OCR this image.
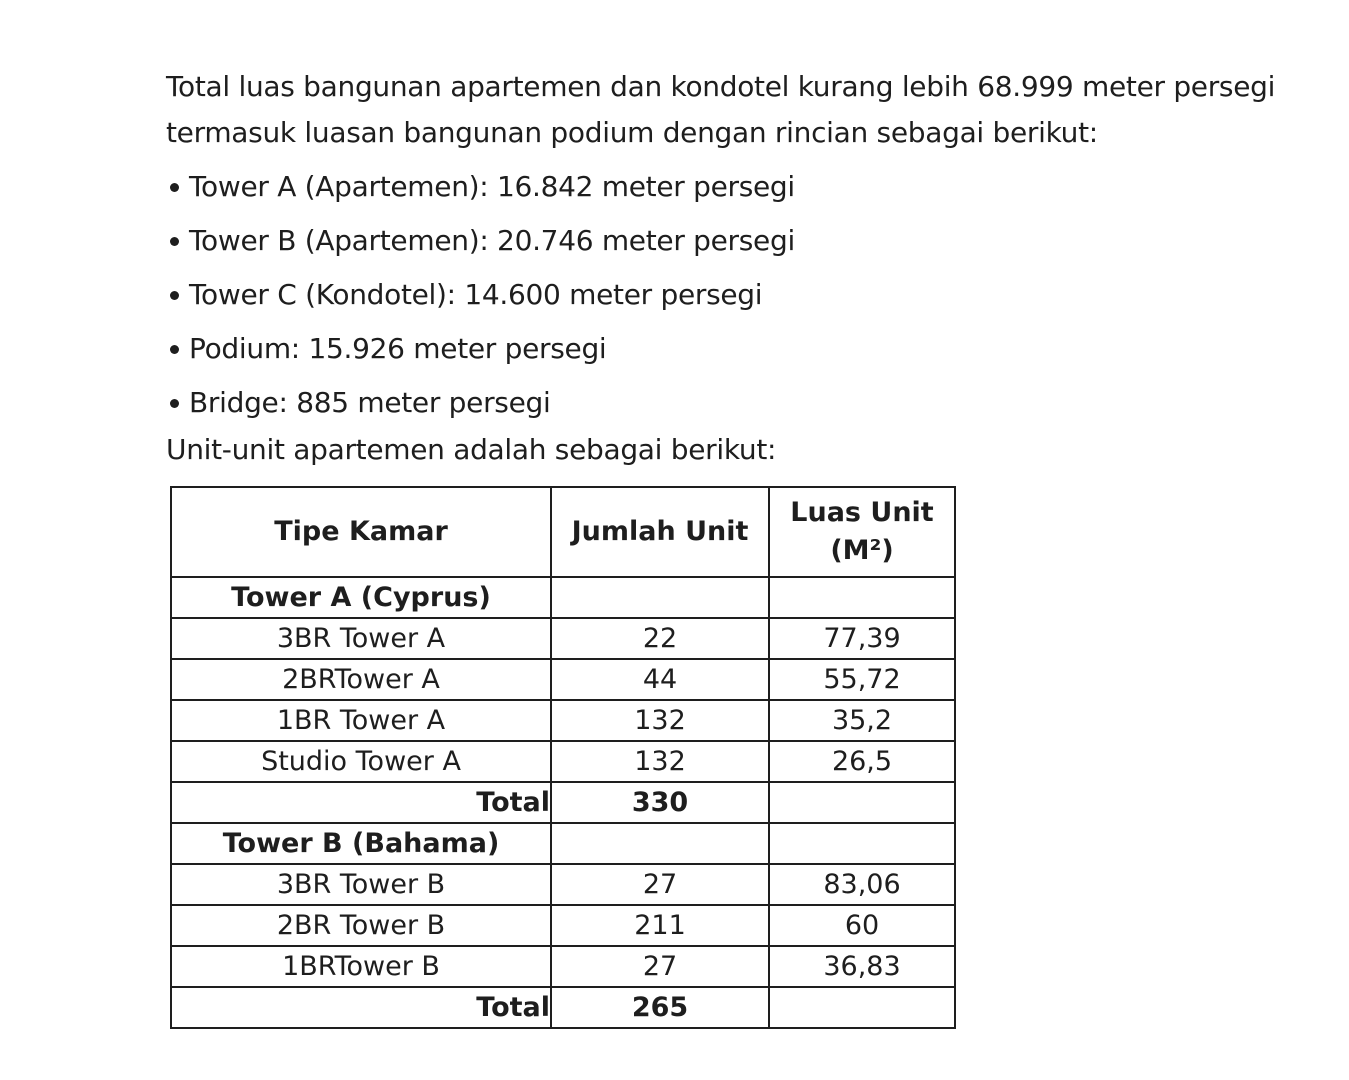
Total luas bangunan apartemen dan kondotel kurang lebih 68.999 meter persegi
termasuk luasan bangunan podium dengan rincian sebagai berikut:

Tower A (Apartemen): 16.842 meter persegi
Tower B (Apartemen): 20.746 meter persegi
Tower C (Kondotel): 14.600 meter persegi
Podium: 15.926 meter persegi
Bridge: 885 meter persegi

Unit-unit apartemen adalah sebagai berikut:

Tipe Kamar	Jumlah Unit	Luas Unit
(M²)
Tower A (Cyprus)		
3BR Tower A	22	77,39
2BRTower A	44	55,72
1BR Tower A	132	35,2
Studio Tower A	132	26,5
Total	330	
Tower B (Bahama)		
3BR Tower B	27	83,06
2BR Tower B	211	60
1BRTower B	27	36,83
Total	265	
